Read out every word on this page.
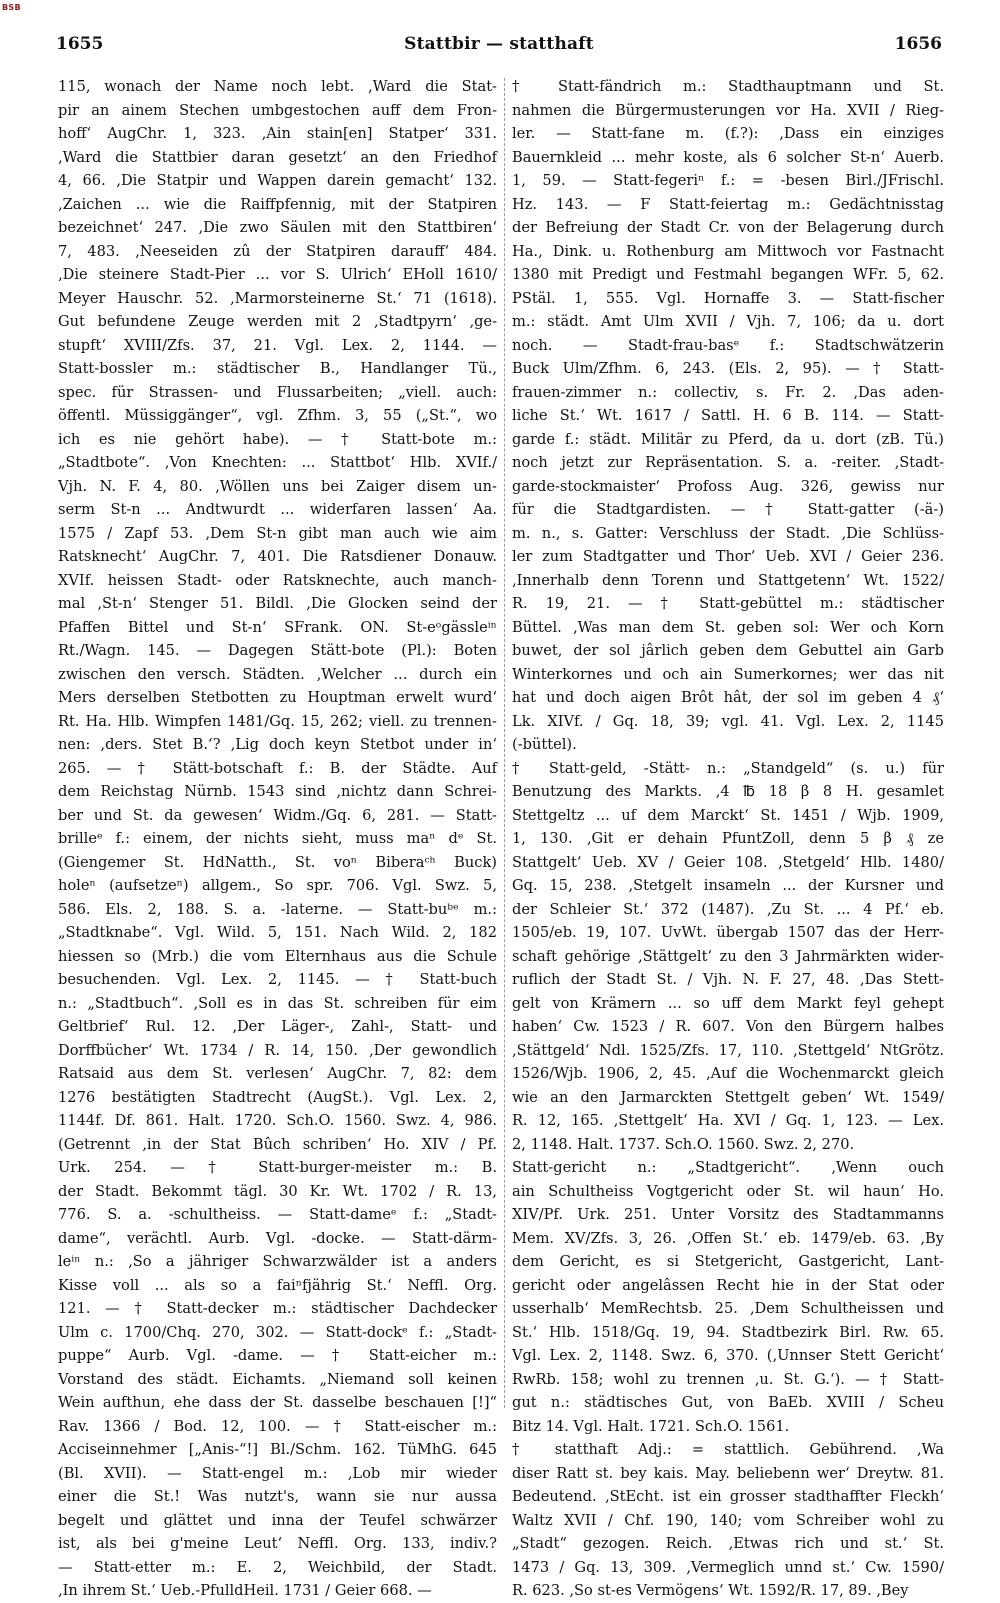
BSB
1655	Stattbir — statthaft	1656
115, wonach der Name noch lebt. ‚Ward die Stat-
pir an ainem Stechen umbgestochen auff dem Fron-
hoff‘ AugChr. 1, 323. ‚Ain stain[en] Statper‘ 331.
‚Ward die Stattbier daran gesetzt‘ an den Friedhof
4, 66. ‚Die Statpir und Wappen darein gemacht‘ 132.
‚Zaichen ... wie die Raiffpfennig, mit der Statpiren
bezeichnet‘ 247. ‚Die zwo Säulen mit den Stattbiren‘
7, 483. ‚Neeseiden zû der Statpiren darauff‘ 484.
‚Die steinere Stadt-Pier ... vor S. Ulrich‘ EHoll 1610/
Meyer Hauschr. 52. ‚Marmorsteinerne St.‘ 71 (1618).
Gut befundene Zeuge werden mit 2 ‚Stadtpyrn‘ ‚ge-
stupft‘ XVIII/Zfs. 37, 21. Vgl. Lex. 2, 1144. —
Statt-bossler m.: städtischer B., Handlanger Tü.,
spec. für Strassen- und Flussarbeiten; „viell. auch:
öffentl. Müssiggänger“, vgl. Zfhm. 3, 55 („St.“, wo
ich es nie gehört habe). — † Statt-bote m.:
„Stadtbote“. ‚Von Knechten: ... Stattbot‘ Hlb. XVIf./
Vjh. N. F. 4, 80. ‚Wöllen uns bei Zaiger disem un-
serm St-n ... Andtwurdt ... widerfaren lassen‘ Aa.
1575 / Zapf 53. ‚Dem St-n gibt man auch wie aim
Ratsknecht‘ AugChr. 7, 401. Die Ratsdiener Donauw.
XVIf. heissen Stadt- oder Ratsknechte, auch manch-
mal ‚St-n‘ Stenger 51. Bildl. ‚Die Glocken seind der
Pfaffen Bittel und St-n‘ SFrank. ON. St-eᵒgässleⁱⁿ
Rt./Wagn. 145. — Dagegen Stätt-bote (Pl.): Boten
zwischen den versch. Städten. ‚Welcher ... durch ein
Mers derselben Stetbotten zu Houptman erwelt wurd‘
Rt. Ha. Hlb. Wimpfen 1481/Gq. 15, 262; viell. zu trennen-
nen: ‚ders. Stet B.‘? ‚Lig doch keyn Stetbot under in‘
265. — † Stätt-botschaft f.: B. der Städte. Auf
dem Reichstag Nürnb. 1543 sind ‚nichtz dann Schrei-
ber und St. da gewesen‘ Widm./Gq. 6, 281. — Statt-
brilleᵉ f.: einem, der nichts sieht, muss maⁿ dᵉ St.
(Giengemer St. HdNatth., St. voⁿ Biberaᶜʰ Buck)
holeⁿ (aufsetzeⁿ) allgem., So spr. 706. Vgl. Swz. 5,
586. Els. 2, 188. S. a. -laterne. — Statt-buᵇᵉ m.:
„Stadtknabe“. Vgl. Wild. 5, 151. Nach Wild. 2, 182
hiessen so (Mrb.) die vom Elternhaus aus die Schule
besuchenden. Vgl. Lex. 2, 1145. — † Statt-buch
n.: „Stadtbuch“. ‚Soll es in das St. schreiben für eim
Geltbrief‘ Rul. 12. ‚Der Läger-, Zahl-, Statt- und
Dorffbücher‘ Wt. 1734 / R. 14, 150. ‚Der gewondlich
Ratsaid aus dem St. verlesen‘ AugChr. 7, 82: dem
1276 bestätigten Stadtrecht (AugSt.). Vgl. Lex. 2,
1144f. Df. 861. Halt. 1720. Sch.O. 1560. Swz. 4, 986.
(Getrennt ‚in der Stat Bûch schriben‘ Ho. XIV / Pf.
Urk. 254. — † Statt-burger-meister m.: B.
der Stadt. Bekommt tägl. 30 Kr. Wt. 1702 / R. 13,
776. S. a. -schultheiss. — Statt-dameᵉ f.: „Stadt-
dame“, verächtl. Aurb. Vgl. -docke. — Statt-därm-
leⁱⁿ n.: ‚So a jähriger Schwarzwälder ist a anders
Kisse voll ... als so a faiⁿfjährig St.‘ Neffl. Org.
121. — † Statt-decker m.: städtischer Dachdecker
Ulm c. 1700/Chq. 270, 302. — Statt-dockᵉ f.: „Stadt-
puppe“ Aurb. Vgl. -dame. — † Statt-eicher m.:
Vorstand des städt. Eichamts. „Niemand soll keinen
Wein aufthun, ehe dass der St. dasselbe beschauen [!]“
Rav. 1366 / Bod. 12, 100. — † Statt-eischer m.:
Acciseinnehmer [„Anis-“!] Bl./Schm. 162. TüMhG. 645
(Bl. XVII). — Statt-engel m.: ‚Lob mir wieder
einer die St.! Was nutzt's, wann sie nur aussa
begelt und glättet und inna der Teufel schwärzer
ist, als bei g'meine Leut‘ Neffl. Org. 133, indiv.?
— Statt-etter m.: E. 2, Weichbild, der Stadt.
‚In ihrem St.‘ Ueb.-PfulldHeil. 1731 / Geier 668. —
† Statt-fändrich m.: Stadthauptmann und St.
nahmen die Bürgermusterungen vor Ha. XVII / Rieg-
ler. — Statt-fane m. (f.?): ‚Dass ein einziges
Bauernkleid ... mehr koste, als 6 solcher St-n‘ Auerb.
1, 59. — Statt-fegeriⁿ f.: = -besen Birl./JFrischl.
Hz. 143. — F Statt-feiertag m.: Gedächtnisstag
der Befreiung der Stadt Cr. von der Belagerung durch
Ha., Dink. u. Rothenburg am Mittwoch vor Fastnacht
1380 mit Predigt und Festmahl begangen WFr. 5, 62.
PStäl. 1, 555. Vgl. Hornaffe 3. — Statt-fischer
m.: städt. Amt Ulm XVII / Vjh. 7, 106; da u. dort
noch. — Stadt-frau-basᵉ f.: Stadtschwätzerin
Buck Ulm/Zfhm. 6, 243. (Els. 2, 95). — † Statt-
frauen-zimmer n.: collectiv, s. Fr. 2. ‚Das aden-
liche St.‘ Wt. 1617 / Sattl. H. 6 B. 114. — Statt-
garde f.: städt. Militär zu Pferd, da u. dort (zB. Tü.)
noch jetzt zur Repräsentation. S. a. -reiter. ‚Stadt-
garde-stockmaister‘ Profoss Aug. 326, gewiss nur
für die Stadtgardisten. — † Statt-gatter (-ä-)
m. n., s. Gatter: Verschluss der Stadt. ‚Die Schlüss-
ler zum Stadtgatter und Thor‘ Ueb. XVI / Geier 236.
‚Innerhalb denn Torenn und Stattgetenn‘ Wt. 1522/
R. 19, 21. — † Statt-gebüttel m.: städtischer
Büttel. ‚Was man dem St. geben sol: Wer och Korn
buwet, der sol jârlich geben dem Gebuttel ain Garb
Winterkornes und och ain Sumerkornes; wer das nit
hat und doch aigen Brôt hât, der sol im geben 4 ₰‘
Lk. XIVf. / Gq. 18, 39; vgl. 41. Vgl. Lex. 2, 1145
(-büttel).
† Statt-geld, -Stätt- n.: „Standgeld“ (s. u.) für
Benutzung des Markts. ‚4 ℔ 18 β 8 H. gesamlet
Stettgeltz ... uf dem Marckt‘ St. 1451 / Wjb. 1909,
1, 130. ‚Git er dehain PfuntZoll, denn 5 β ₰ ze
Stattgelt‘ Ueb. XV / Geier 108. ‚Stetgeld‘ Hlb. 1480/
Gq. 15, 238. ‚Stetgelt insameln ... der Kursner und
der Schleier St.‘ 372 (1487). ‚Zu St. ... 4 Pf.‘ eb.
1505/eb. 19, 107. UvWt. übergab 1507 das der Herr-
schaft gehörige ‚Stättgelt‘ zu den 3 Jahrmärkten wider-
ruflich der Stadt St. / Vjh. N. F. 27, 48. ‚Das Stett-
gelt von Krämern ... so uff dem Markt feyl gehept
haben‘ Cw. 1523 / R. 607. Von den Bürgern halbes
‚Stättgeld‘ Ndl. 1525/Zfs. 17, 110. ‚Stettgeld‘ NtGrötz.
1526/Wjb. 1906, 2, 45. ‚Auf die Wochenmarckt gleich
wie an den Jarmarckten Stettgelt geben‘ Wt. 1549/
R. 12, 165. ‚Stettgelt‘ Ha. XVI / Gq. 1, 123. — Lex.
2, 1148. Halt. 1737. Sch.O. 1560. Swz. 2, 270.
Statt-gericht n.: „Stadtgericht“. ‚Wenn ouch
ain Schultheiss Vogtgericht oder St. wil haun‘ Ho.
XIV/Pf. Urk. 251. Unter Vorsitz des Stadtammanns
Mem. XV/Zfs. 3, 26. ‚Offen St.‘ eb. 1479/eb. 63. ‚By
dem Gericht, es si Stetgericht, Gastgericht, Lant-
gericht oder angelâssen Recht hie in der Stat oder
usserhalb‘ MemRechtsb. 25. ‚Dem Schultheissen und
St.‘ Hlb. 1518/Gq. 19, 94. Stadtbezirk Birl. Rw. 65.
Vgl. Lex. 2, 1148. Swz. 6, 370. (‚Unnser Stett Gericht‘
RwRb. 158; wohl zu trennen ‚u. St. G.‘). — † Statt-
gut n.: städtisches Gut, von BaEb. XVIII / Scheu
Bitz 14. Vgl. Halt. 1721. Sch.O. 1561.
† statthaft Adj.: = stattlich. Gebührend. ‚Wa
diser Ratt st. bey kais. May. beliebenn wer‘ Dreytw. 81.
Bedeutend. ‚StEcht. ist ein grosser stadthaffter Fleckh‘
Waltz XVII / Chf. 190, 140; vom Schreiber wohl zu
„Stadt“ gezogen. Reich. ‚Etwas rich und st.‘ St.
1473 / Gq. 13, 309. ‚Vermeglich unnd st.‘ Cw. 1590/
R. 623. ‚So st-es Vermögens‘ Wt. 1592/R. 17, 89. ‚Bey
